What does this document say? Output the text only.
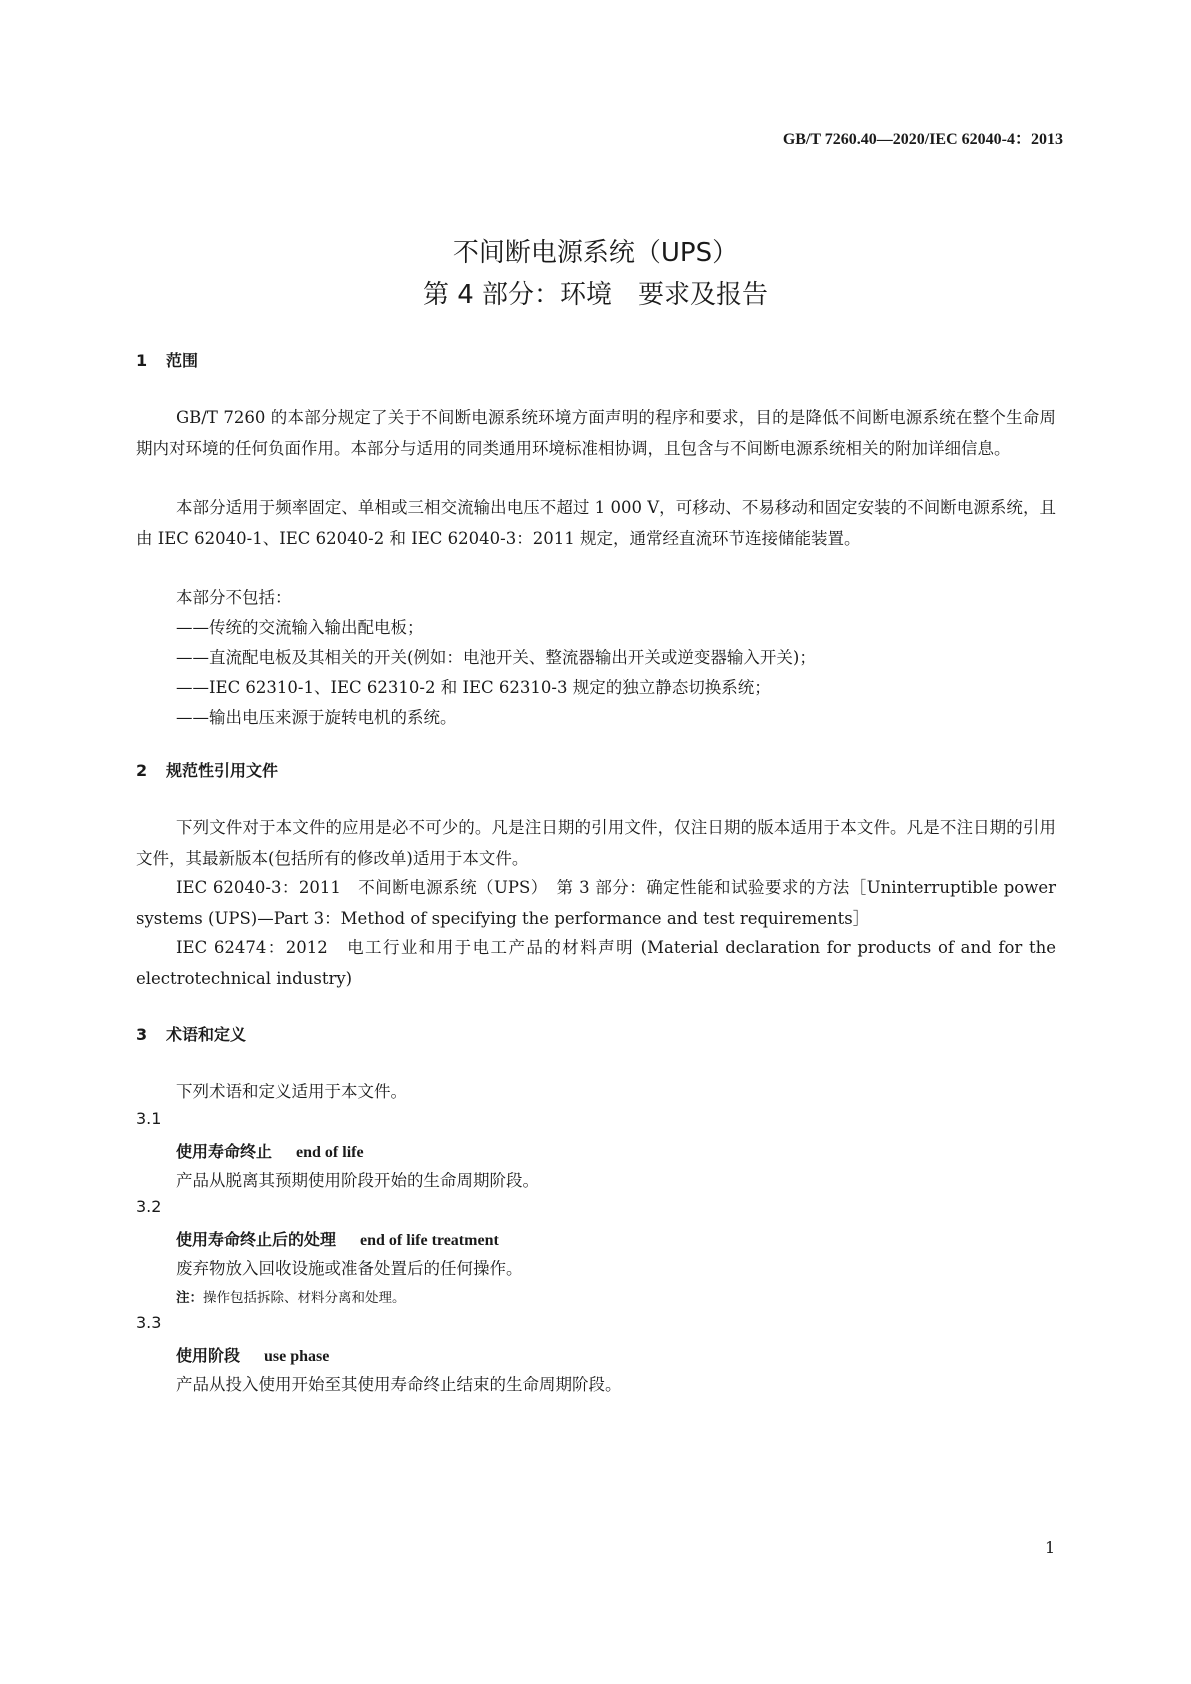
GB/T 7260.40—2020/IEC 62040-4：2013
不间断电源系统（UPS）
第 4 部分：环境　要求及报告
1 范围

GB/T 7260 的本部分规定了关于不间断电源系统环境方面声明的程序和要求，目的是降低不间断电源系统在整个生命周期内对环境的任何负面作用。本部分与适用的同类通用环境标准相协调，且包含与不间断电源系统相关的附加详细信息。

本部分适用于频率固定、单相或三相交流输出电压不超过 1 000 V，可移动、不易移动和固定安装的不间断电源系统，且由 IEC 62040-1、IEC 62040-2 和 IEC 62040-3：2011 规定，通常经直流环节连接储能装置。

本部分不包括：
——传统的交流输入输出配电板；
——直流配电板及其相关的开关(例如：电池开关、整流器输出开关或逆变器输入开关)；
——IEC 62310-1、IEC 62310-2 和 IEC 62310-3 规定的独立静态切换系统；
——输出电压来源于旋转电机的系统。
2 规范性引用文件

下列文件对于本文件的应用是必不可少的。凡是注日期的引用文件，仅注日期的版本适用于本文件。凡是不注日期的引用文件，其最新版本(包括所有的修改单)适用于本文件。

IEC 62040-3：2011　不间断电源系统（UPS）　第 3 部分：确定性能和试验要求的方法［Uninterruptible power systems (UPS)—Part 3：Method of specifying the performance and test requirements］

IEC 62474：2012　电工行业和用于电工产品的材料声明 (Material declaration for products of and for the electrotechnical industry)

3 术语和定义
下列术语和定义适用于本文件。
3.1
使用寿命终止 end of life
产品从脱离其预期使用阶段开始的生命周期阶段。
3.2
使用寿命终止后的处理 end of life treatment
废弃物放入回收设施或准备处置后的任何操作。
注：操作包括拆除、材料分离和处理。
3.3
使用阶段 use phase
产品从投入使用开始至其使用寿命终止结束的生命周期阶段。
1
